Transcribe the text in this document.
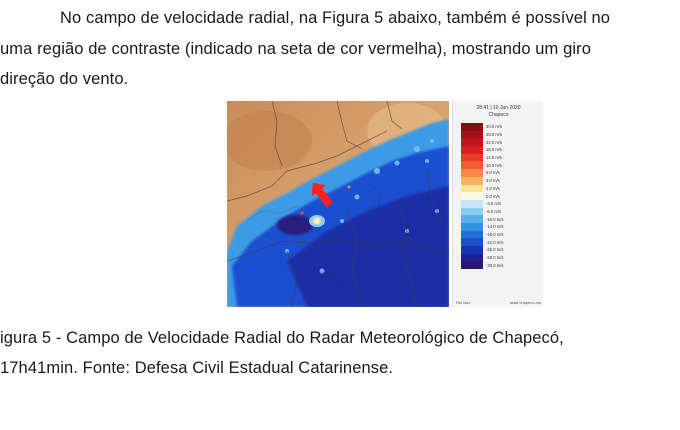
No campo de velocidade radial, na Figura 5 abaixo, também é possível no
uma região de contraste (indicado na seta de cor vermelha), mostrando um giro
direção do vento.
28:41 | 10 Jun 2020
Chapeco
30.0 m/s
28.0 m/s
22.0 m/s
18.0 m/s
14.0 m/s
10.0 m/s
6.0 m/s
3.0 m/s
1.0 m/s
0.0 m/s
-3.0 m/s
-6.0 m/s
-10.0 m/s
-14.0 m/s
-18.0 m/s
-22.0 m/s
-26.0 m/s
-28.0 m/s
-30.0 m/s
Rel Nov	masi chapeco.ms
igura 5 - Campo de Velocidade Radial do Radar Meteorológico de Chapecó,
17h41min. Fonte: Defesa Civil Estadual Catarinense.
